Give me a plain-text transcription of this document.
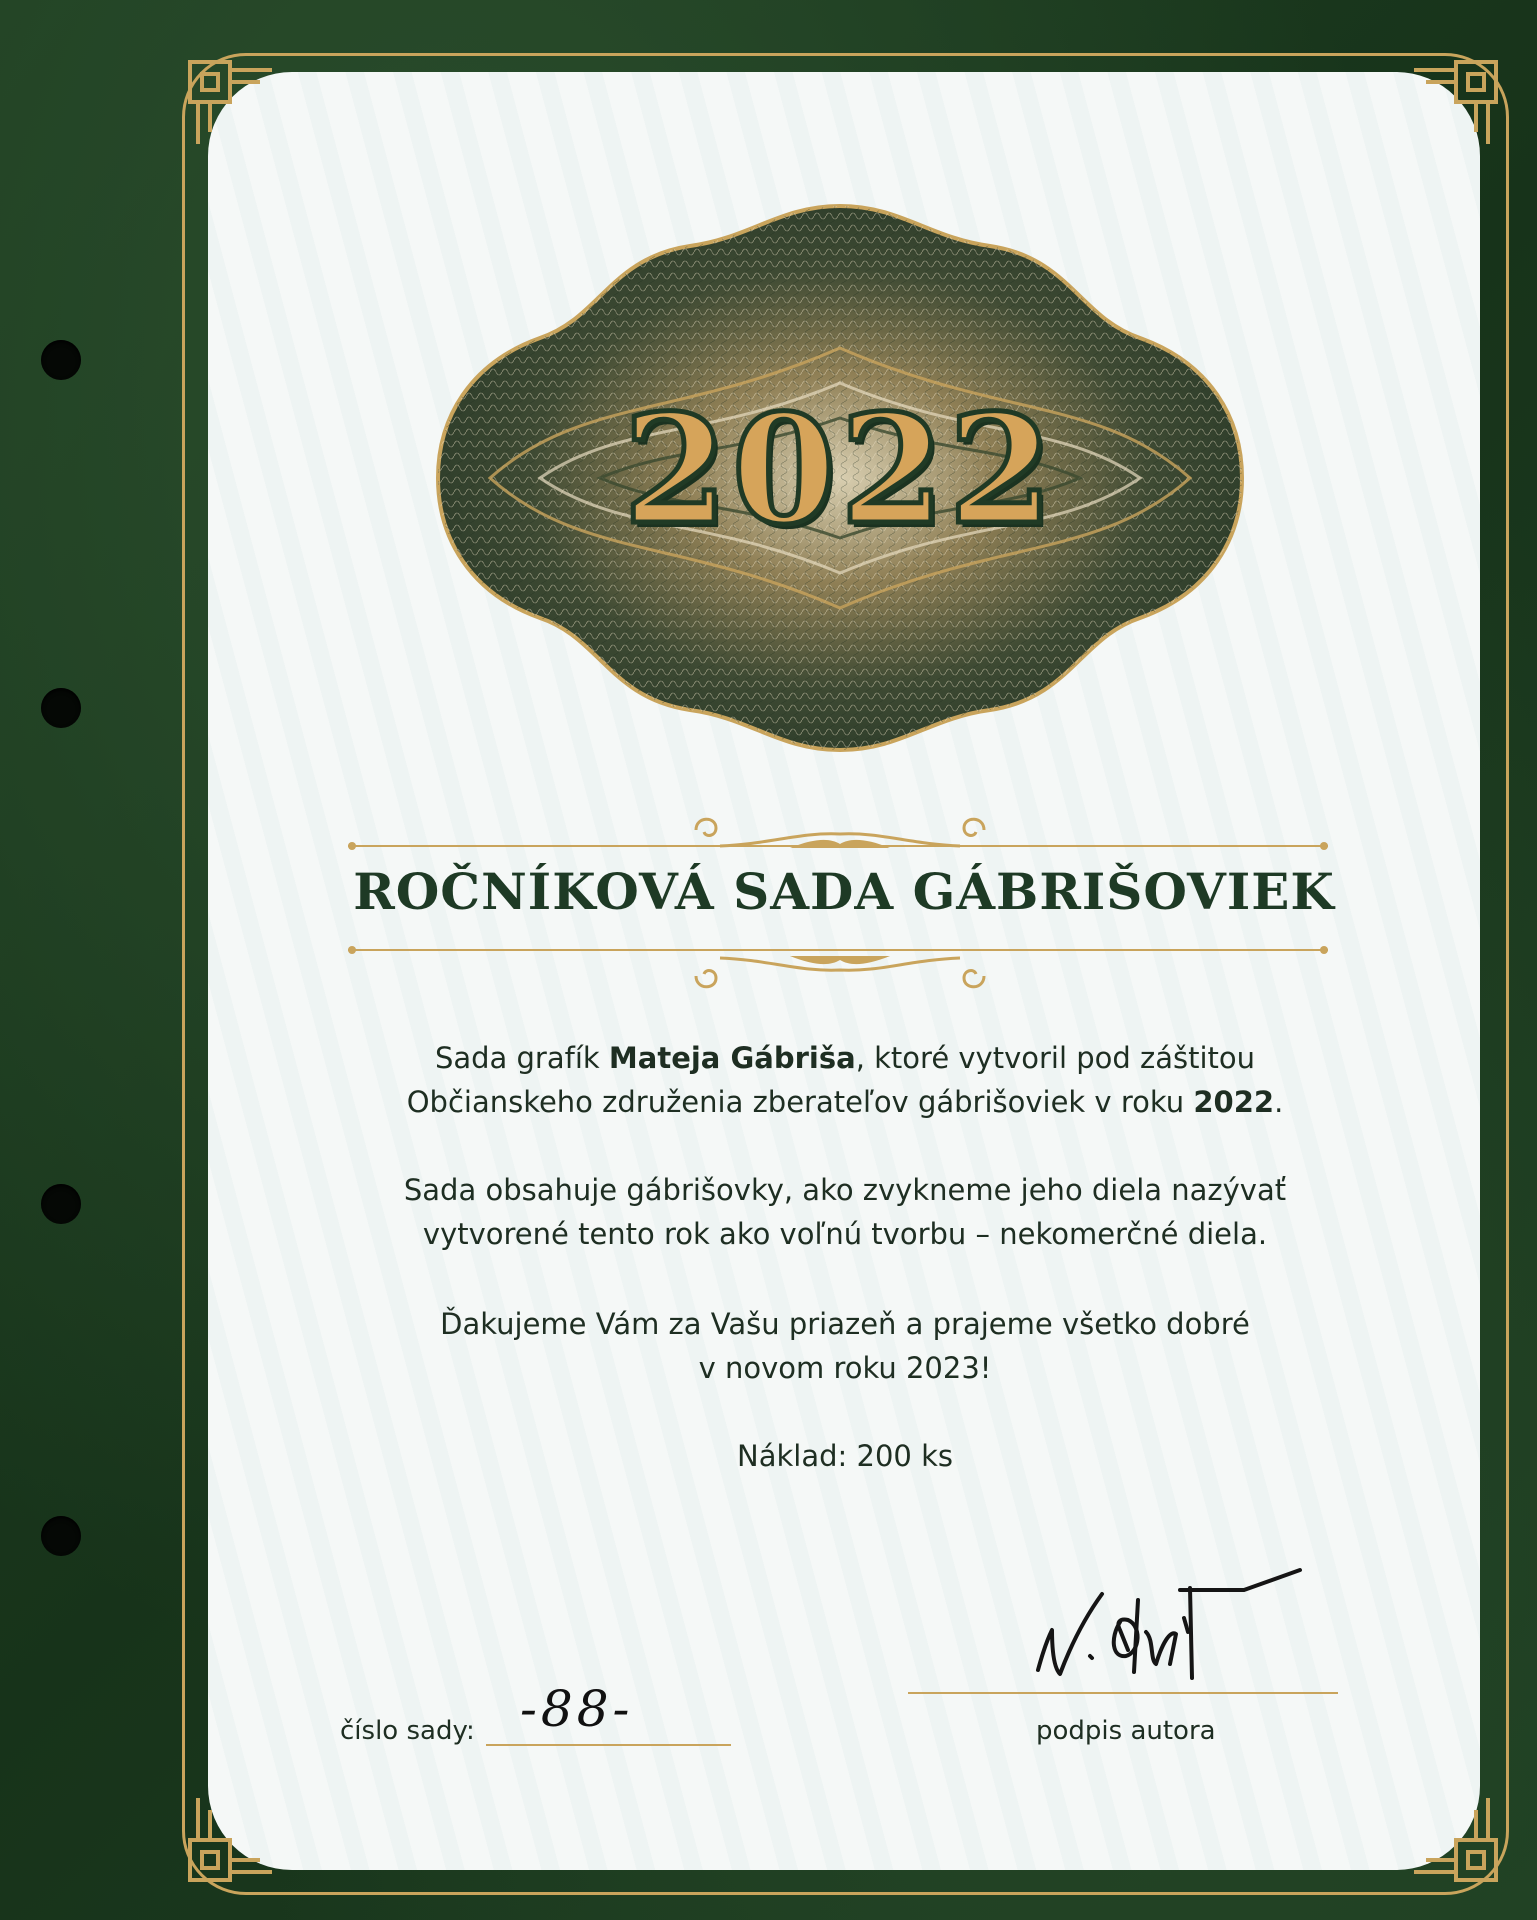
2022
ROČNÍKOVÁ SADA GÁBRIŠOVIEK
Sada grafík Mateja Gábriša, ktoré vytvoril pod záštitou
Občianskeho združenia zberateľov gábrišoviek v roku 2022.
Sada obsahuje gábrišovky, ako zvykneme jeho diela nazývať
vytvorené tento rok ako voľnú tvorbu – nekomerčné diela.
Ďakujeme Vám za Vašu priazeň a prajeme všetko dobré
v novom roku 2023!
Náklad: 200 ks
číslo sady: -88-	podpis autora
